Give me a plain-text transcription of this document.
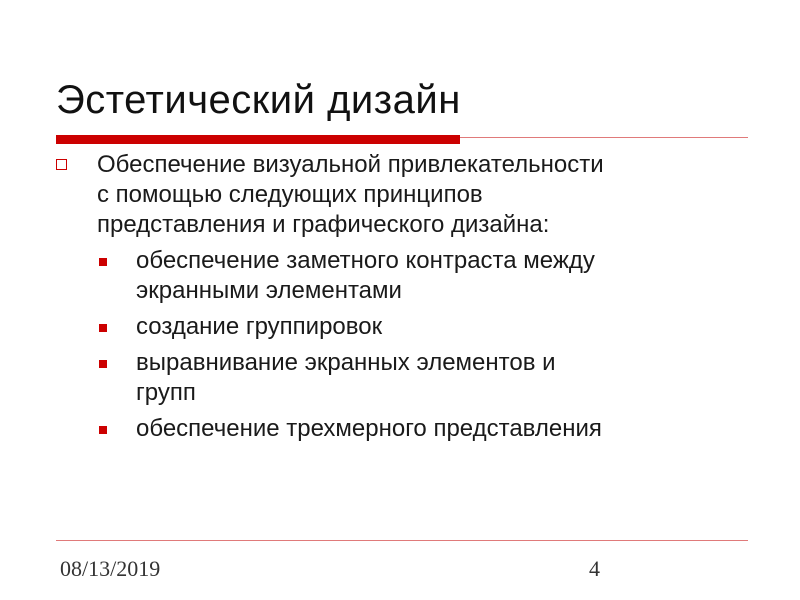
Эстетический дизайн
Обеспечение визуальной привлекательности
с помощью следующих принципов
представления и графического дизайна:
обеспечение заметного контраста между
экранными элементами
создание группировок
выравнивание экранных элементов и
групп
обеспечение трехмерного представления
08/13/2019	4
